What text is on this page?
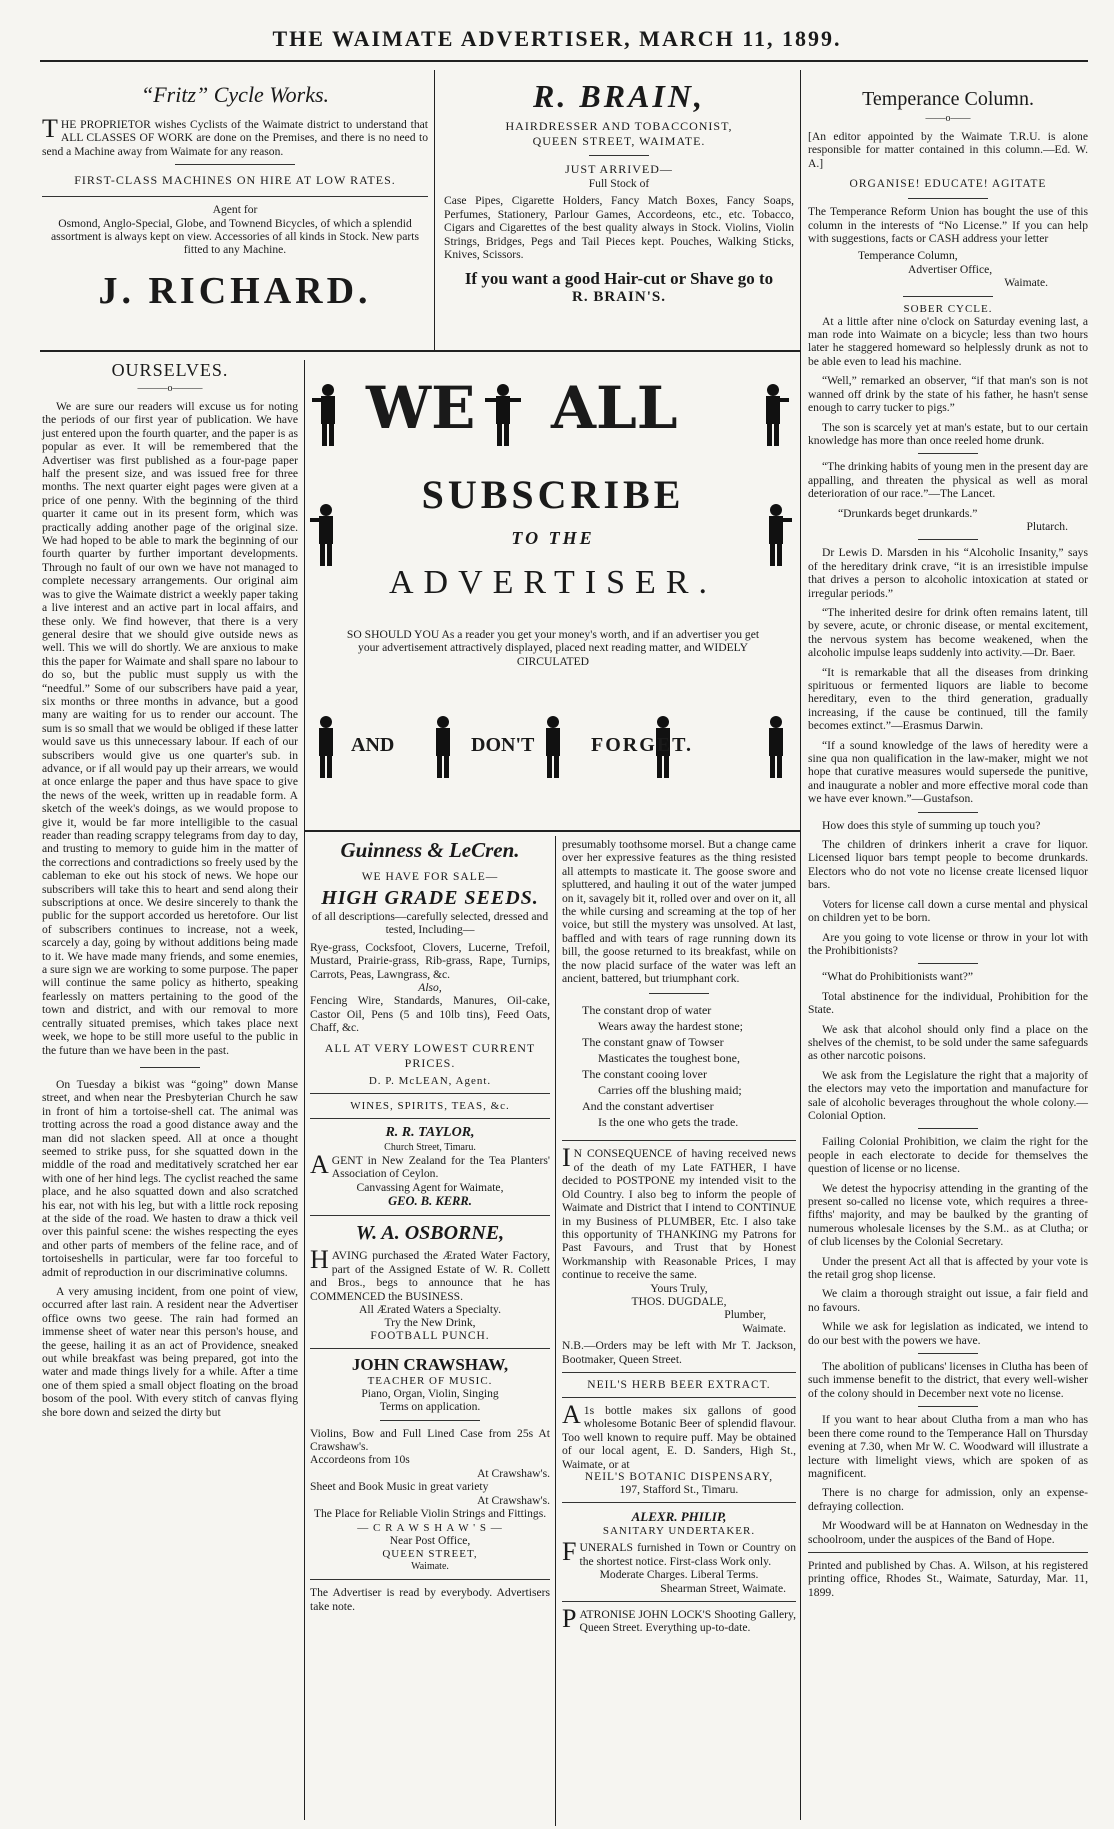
THE WAIMATE ADVERTISER, MARCH 11, 1899.
“Fritz” Cycle Works.
THE PROPRIETOR wishes Cyclists of the Waimate district to understand that ALL CLASSES OF WORK are done on the Premises, and there is no need to send a Machine away from Waimate for any reason.
FIRST-CLASS MACHINES ON HIRE AT LOW RATES.
Agent for
Osmond, Anglo-Special, Globe, and Townend Bicycles, of which a splendid assortment is always kept on view. Accessories of all kinds in Stock. New parts fitted to any Machine.
J. RICHARD.
R. BRAIN,
HAIRDRESSER AND TOBACCONIST,
QUEEN STREET, WAIMATE.
JUST ARRIVED—
Full Stock of
Case Pipes, Cigarette Holders, Fancy Match Boxes, Fancy Soaps, Perfumes, Stationery, Parlour Games, Accordeons, etc., etc. Tobacco, Cigars and Cigarettes of the best quality always in Stock. Violins, Violin Strings, Bridges, Pegs and Tail Pieces kept. Pouches, Walking Sticks, Knives, Scissors.
If you want a good Hair-cut or Shave go to
R. BRAIN'S.
Temperance Column.
——o——
[An editor appointed by the Waimate T.R.U. is alone responsible for matter contained in this column.—Ed. W. A.]
ORGANISE! EDUCATE! AGITATE
The Temperance Reform Union has bought the use of this column in the interests of “No License.” If you can help with suggestions, facts or CASH address your letter
Temperance Column,
Advertiser Office,
Waimate.
SOBER CYCLE.

At a little after nine o'clock on Saturday evening last, a man rode into Waimate on a bicycle; less than two hours later he staggered homeward so helplessly drunk as not to be able even to lead his machine.

“Well,” remarked an observer, “if that man's son is not wanned off drink by the state of his father, he hasn't sense enough to carry tucker to pigs.”

The son is scarcely yet at man's estate, but to our certain knowledge has more than once reeled home drunk.

“The drinking habits of young men in the present day are appalling, and threaten the physical as well as moral deterioration of our race.”—The Lancet.

“Drunkards beget drunkards.”

Plutarch.

Dr Lewis D. Marsden in his “Alcoholic Insanity,” says of the hereditary drink crave, “it is an irresistible impulse that drives a person to alcoholic intoxication at stated or irregular periods.”

“The inherited desire for drink often remains latent, till by severe, acute, or chronic disease, or mental excitement, the nervous system has become weakened, when the alcoholic impulse leaps suddenly into activity.—Dr. Baer.

“It is remarkable that all the diseases from drinking spirituous or fermented liquors are liable to become hereditary, even to the third generation, gradually increasing, if the cause be continued, till the family becomes extinct.”—Erasmus Darwin.

“If a sound knowledge of the laws of heredity were a sine qua non qualification in the law-maker, might we not hope that curative measures would supersede the punitive, and inaugurate a nobler and more effective moral code than we have ever known.”—Gustafson.

How does this style of summing up touch you?

The children of drinkers inherit a crave for liquor. Licensed liquor bars tempt people to become drunkards. Electors who do not vote no license create licensed liquor bars.

Voters for license call down a curse mental and physical on children yet to be born.

Are you going to vote license or throw in your lot with the Prohibitionists?

“What do Prohibitionists want?”

Total abstinence for the individual, Prohibition for the State.

We ask that alcohol should only find a place on the shelves of the chemist, to be sold under the same safeguards as other narcotic poisons.

We ask from the Legislature the right that a majority of the electors may veto the importation and manufacture for sale of alcoholic beverages throughout the whole colony.—Colonial Option.

Failing Colonial Prohibition, we claim the right for the people in each electorate to decide for themselves the question of license or no license.

We detest the hypocrisy attending in the granting of the present so-called no license vote, which requires a three-fifths' majority, and may be baulked by the granting of numerous wholesale licenses by the S.M.. as at Clutha; or of club licenses by the Colonial Secretary.

Under the present Act all that is affected by your vote is the retail grog shop license.

We claim a thorough straight out issue, a fair field and no favours.

While we ask for legislation as indicated, we intend to do our best with the powers we have.

The abolition of publicans' licenses in Clutha has been of such immense benefit to the district, that every well-wisher of the colony should in December next vote no license.

If you want to hear about Clutha from a man who has been there come round to the Temperance Hall on Thursday evening at 7.30, when Mr W. C. Woodward will illustrate a lecture with limelight views, which are spoken of as magnificent.

There is no charge for admission, only an expense-defraying collection.

Mr Woodward will be at Hannaton on Wednesday in the schoolroom, under the auspices of the Band of Hope.

Printed and published by Chas. A. Wilson, at his registered printing office, Rhodes St., Waimate, Saturday, Mar. 11, 1899.
OURSELVES.
———o———

We are sure our readers will excuse us for noting the periods of our first year of publication. We have just entered upon the fourth quarter, and the paper is as popular as ever. It will be remembered that the Advertiser was first published as a four-page paper half the present size, and was issued free for three months. The next quarter eight pages were given at a price of one penny. With the beginning of the third quarter it came out in its present form, which was practically adding another page of the original size. We had hoped to be able to mark the beginning of our fourth quarter by further important developments. Through no fault of our own we have not managed to complete necessary arrangements. Our original aim was to give the Waimate district a weekly paper taking a live interest and an active part in local affairs, and these only. We find however, that there is a very general desire that we should give outside news as well. This we will do shortly. We are anxious to make this the paper for Waimate and shall spare no labour to do so, but the public must supply us with the “needful.” Some of our subscribers have paid a year, six months or three months in advance, but a good many are waiting for us to render our account. The sum is so small that we would be obliged if these latter would save us this unnecessary labour. If each of our subscribers would give us one quarter's sub. in advance, or if all would pay up their arrears, we would at once enlarge the paper and thus have space to give the news of the week, written up in readable form. A sketch of the week's doings, as we would propose to give it, would be far more intelligible to the casual reader than reading scrappy telegrams from day to day, and trusting to memory to guide him in the matter of the corrections and contradictions so freely used by the cableman to eke out his stock of news. We hope our subscribers will take this to heart and send along their subscriptions at once. We desire sincerely to thank the public for the support accorded us heretofore. Our list of subscribers continues to increase, not a week, scarcely a day, going by without additions being made to it. We have made many friends, and some enemies, a sure sign we are working to some purpose. The paper will continue the same policy as hitherto, speaking fearlessly on matters pertaining to the good of the town and district, and with our removal to more centrally situated premises, which takes place next week, we hope to be still more useful to the public in the future than we have been in the past.

On Tuesday a bikist was “going” down Manse street, and when near the Presbyterian Church he saw in front of him a tortoise-shell cat. The animal was trotting across the road a good distance away and the man did not slacken speed. All at once a thought seemed to strike puss, for she squatted down in the middle of the road and meditatively scratched her ear with one of her hind legs. The cyclist reached the same place, and he also squatted down and also scratched his ear, not with his leg, but with a little rock reposing at the side of the road. We hasten to draw a thick veil over this painful scene: the wishes respecting the eyes and other parts of members of the feline race, and of tortoiseshells in particular, were far too forceful to admit of reproduction in our discriminative columns.

A very amusing incident, from one point of view, occurred after last rain. A resident near the Advertiser office owns two geese. The rain had formed an immense sheet of water near this person's house, and the geese, hailing it as an act of Providence, sneaked out while breakfast was being prepared, got into the water and made things lively for a while. After a time one of them spied a small object floating on the broad bosom of the pool. With every stitch of canvas flying she bore down and seized the dirty but

WE ALL
SUBSCRIBE
TO THE
ADVERTISER.
SO SHOULD YOU As a reader you get your money's worth, and if an advertiser you get your advertisement attractively displayed, placed next reading matter, and WIDELY CIRCULATED
AND	DON'T	FORGET.
Guinness & LeCren.
WE HAVE FOR SALE—
HIGH GRADE SEEDS.
of all descriptions—carefully selected, dressed and tested, Including—
Rye-grass, Cocksfoot, Clovers, Lucerne, Trefoil, Mustard, Prairie-grass, Rib-grass, Rape, Turnips, Carrots, Peas, Lawngrass, &c.
Also,
Fencing Wire, Standards, Manures, Oil-cake, Castor Oil, Pens (5 and 10lb tins), Feed Oats, Chaff, &c.
ALL AT VERY LOWEST CURRENT PRICES.
D. P. McLEAN, Agent.
WINES, SPIRITS, TEAS, &c.
R. R. TAYLOR,
Church Street, Timaru.
AGENT in New Zealand for the Tea Planters' Association of Ceylon.
Canvassing Agent for Waimate,
GEO. B. KERR.
W. A. OSBORNE,
HAVING purchased the Ærated Water Factory, part of the Assigned Estate of W. R. Collett and Bros., begs to announce that he has COMMENCED the BUSINESS.
All Ærated Waters a Specialty.
Try the New Drink,
FOOTBALL PUNCH.
JOHN CRAWSHAW,
TEACHER OF MUSIC.
Piano, Organ, Violin, Singing
Terms on application.
Violins, Bow and Full Lined Case from 25s At Crawshaw's.
Accordeons from 10s
At Crawshaw's.
Sheet and Book Music in great variety
At Crawshaw's.
The Place for Reliable Violin Strings and Fittings.
— C R A W S H A W ' S —
Near Post Office,
QUEEN STREET,
Waimate.
The Advertiser is read by everybody. Advertisers take note.
presumably toothsome morsel. But a change came over her expressive features as the thing resisted all attempts to masticate it. The goose swore and spluttered, and hauling it out of the water jumped on it, savagely bit it, rolled over and over on it, all the while cursing and screaming at the top of her voice, but still the mystery was unsolved. At last, baffled and with tears of rage running down its bill, the goose returned to its breakfast, while on the now placid surface of the water was left an ancient, battered, but triumphant cork.
The constant drop of water
Wears away the hardest stone;
The constant gnaw of Towser
Masticates the toughest bone,
The constant cooing lover
Carries off the blushing maid;
And the constant advertiser
Is the one who gets the trade.
IN CONSEQUENCE of having received news of the death of my Late FATHER, I have decided to POSTPONE my intended visit to the Old Country. I also beg to inform the people of Waimate and District that I intend to CONTINUE in my Business of PLUMBER, Etc. I also take this opportunity of THANKING my Patrons for Past Favours, and Trust that by Honest Workmanship with Reasonable Prices, I may continue to receive the same.
Yours Truly,
THOS. DUGDALE,
Plumber,
Waimate.
N.B.—Orders may be left with Mr T. Jackson, Bootmaker, Queen Street.
NEIL'S HERB BEER EXTRACT.
A1s bottle makes six gallons of good wholesome Botanic Beer of splendid flavour. Too well known to require puff. May be obtained of our local agent, E. D. Sanders, High St., Waimate, or at
NEIL'S BOTANIC DISPENSARY,
197, Stafford St., Timaru.
ALEXR. PHILIP,
SANITARY UNDERTAKER.
FUNERALS furnished in Town or Country on the shortest notice. First-class Work only.
Moderate Charges. Liberal Terms.
Shearman Street, Waimate.
PATRONISE JOHN LOCK'S Shooting Gallery, Queen Street. Everything up-to-date.
